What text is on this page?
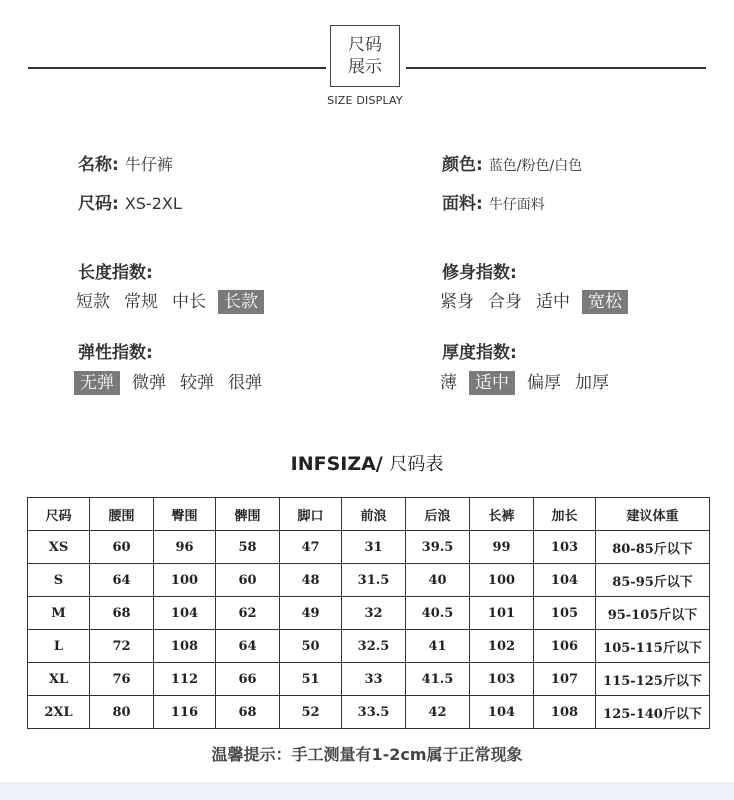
尺码
展示
SIZE DISPLAY
名称: 牛仔裤
尺码: XS-2XL
颜色: 蓝色/粉色/白色
面料: 牛仔面料
长度指数:
短款 常规 中长	长款
修身指数:
紧身 合身 适中	宽松
弹性指数:
无弹	微弹 较弹 很弹
厚度指数:
薄	适中	偏厚 加厚
INFSIZA/ 尺码表
尺码	腰围	臀围	髀围	脚口	前浪	后浪	长裤	加长	建议体重
XS	60	96	58	47	31	39.5	99	103	80-85斤以下
S	64	100	60	48	31.5	40	100	104	85-95斤以下
M	68	104	62	49	32	40.5	101	105	95-105斤以下
L	72	108	64	50	32.5	41	102	106	105-115斤以下
XL	76	112	66	51	33	41.5	103	107	115-125斤以下
2XL	80	116	68	52	33.5	42	104	108	125-140斤以下
温馨提示：手工测量有1-2cm属于正常现象
